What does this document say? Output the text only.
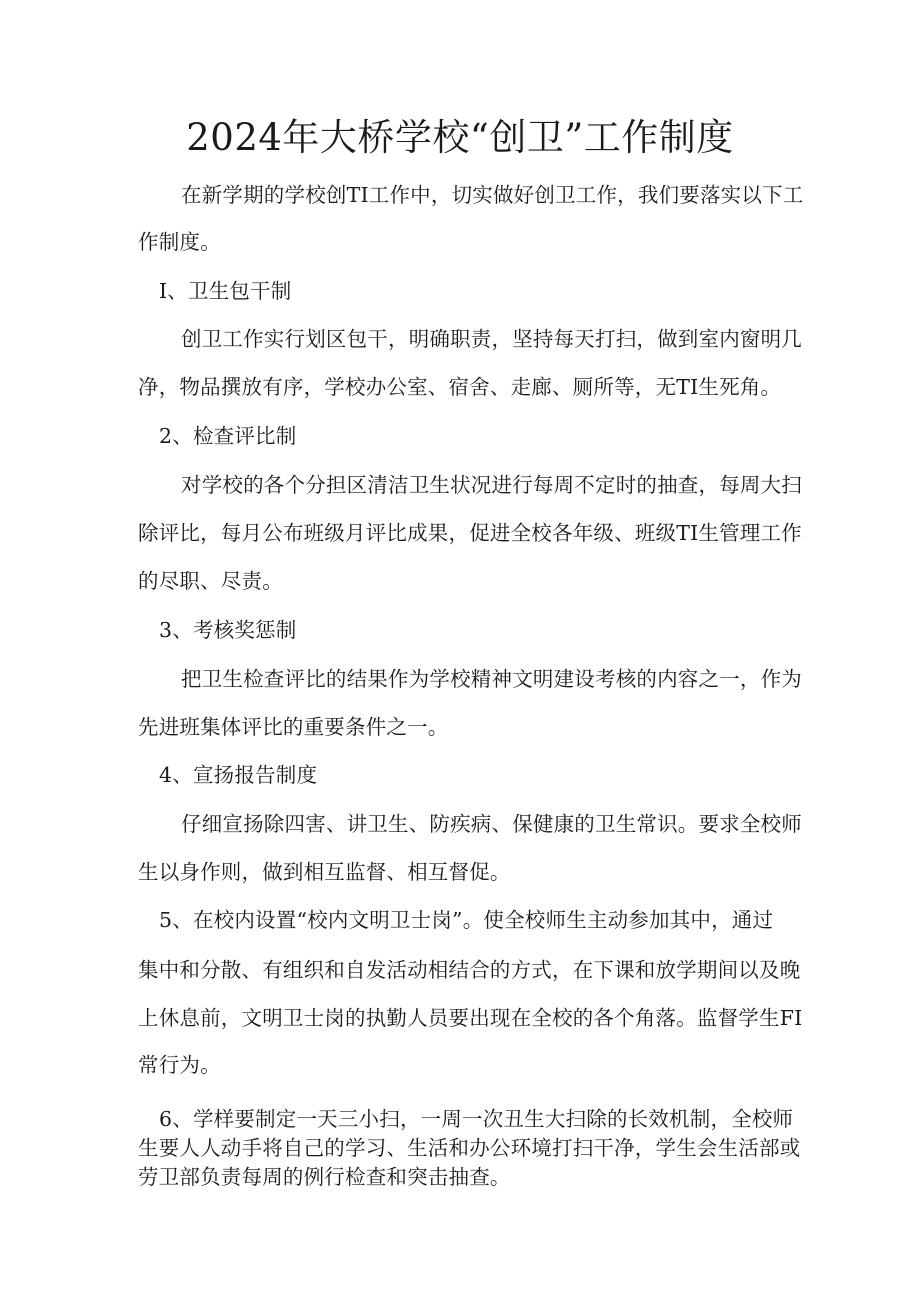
2024年大桥学校“创卫”工作制度
在新学期的学校创TI工作中，切实做好创卫工作，我们要落实以下工
作制度。
I、卫生包干制
创卫工作实行划区包干，明确职责，坚持每天打扫，做到室内窗明几
净，物品撰放有序，学校办公室、宿舍、走廊、厕所等，无TI生死角。
2、检查评比制
对学校的各个分担区清洁卫生状况进行每周不定时的抽查，每周大扫
除评比，每月公布班级月评比成果，促进全校各年级、班级TI生管理工作
的尽职、尽责。
3、考核奖惩制
把卫生检查评比的结果作为学校精神文明建设考核的内容之一，作为
先进班集体评比的重要条件之一。
4、宣扬报告制度
仔细宣扬除四害、讲卫生、防疾病、保健康的卫生常识。要求全校师
生以身作则，做到相互监督、相互督促。
5、在校内设置“校内文明卫士岗”。使全校师生主动参加其中，通过
集中和分散、有组织和自发活动相结合的方式，在下课和放学期间以及晚
上休息前，文明卫士岗的执勤人员要出现在全校的各个角落。监督学生FI
常行为。
6、学样要制定一天三小扫，一周一次丑生大扫除的长效机制，全校师
生要人人动手将自己的学习、生活和办公环境打扫干净，学生会生活部或
劳卫部负责每周的例行检查和突击抽查。
